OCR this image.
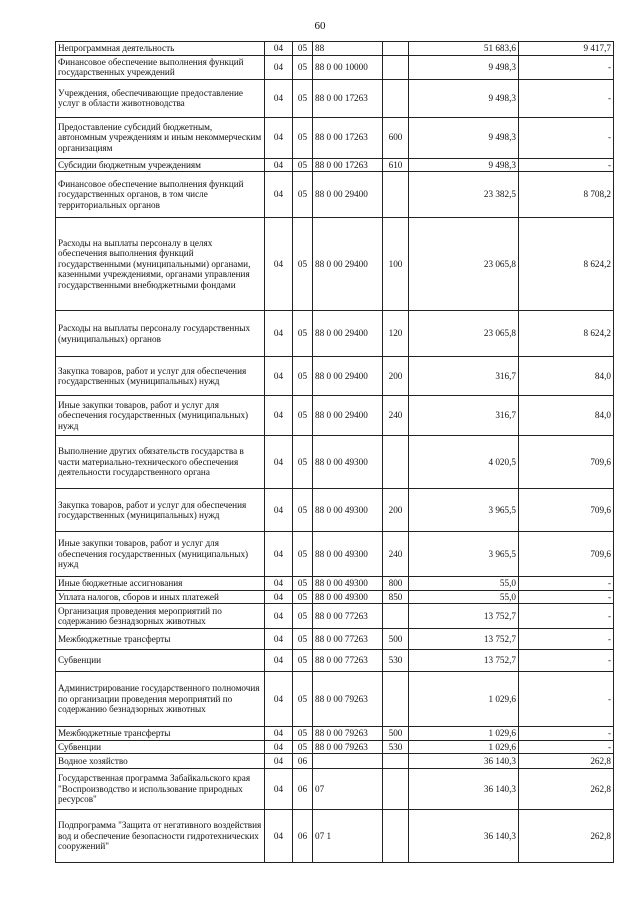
60
Непрограммная деятельность	04	05	88		51 683,6	9 417,7
Финансовое обеспечение выполнения функций государственных учреждений	04	05	88 0 00 10000		9 498,3	-
Учреждения, обеспечивающие предоставление услуг в области животноводства	04	05	88 0 00 17263		9 498,3	-
Предоставление субсидий бюджетным, автономным учреждениям и иным некоммерческим организациям	04	05	88 0 00 17263	600	9 498,3	-
Субсидии бюджетным учреждениям	04	05	88 0 00 17263	610	9 498,3	-
Финансовое обеспечение выполнения функций государственных органов, в том числе территориальных органов	04	05	88 0 00 29400		23 382,5	8 708,2
Расходы на выплаты персоналу в целях обеспечения выполнения функций государственными (муниципальными) органами, казенными учреждениями, органами управления государственными внебюджетными фондами	04	05	88 0 00 29400	100	23 065,8	8 624,2
Расходы на выплаты персоналу государственных (муниципальных) органов	04	05	88 0 00 29400	120	23 065,8	8 624,2
Закупка товаров, работ и услуг для обеспечения государственных (муниципальных) нужд	04	05	88 0 00 29400	200	316,7	84,0
Иные закупки товаров, работ и услуг для обеспечения государственных (муниципальных) нужд	04	05	88 0 00 29400	240	316,7	84,0
Выполнение других обязательств государства в части материально-технического обеспечения деятельности государственного органа	04	05	88 0 00 49300		4 020,5	709,6
Закупка товаров, работ и услуг для обеспечения государственных (муниципальных) нужд	04	05	88 0 00 49300	200	3 965,5	709,6
Иные закупки товаров, работ и услуг для обеспечения государственных (муниципальных) нужд	04	05	88 0 00 49300	240	3 965,5	709,6
Иные бюджетные ассигнования	04	05	88 0 00 49300	800	55,0	-
Уплата налогов, сборов и иных платежей	04	05	88 0 00 49300	850	55,0	-
Организация проведения мероприятий по содержанию безнадзорных животных	04	05	88 0 00 77263		13 752,7	-
Межбюджетные трансферты	04	05	88 0 00 77263	500	13 752,7	-
Субвенции	04	05	88 0 00 77263	530	13 752,7	-
Администрирование государственного полномочия по организации проведения мероприятий по содержанию безнадзорных животных	04	05	88 0 00 79263		1 029,6	-
Межбюджетные трансферты	04	05	88 0 00 79263	500	1 029,6	-
Субвенции	04	05	88 0 00 79263	530	1 029,6	-
Водное хозяйство	04	06			36 140,3	262,8
Государственная программа Забайкальского края "Воспроизводство и использование природных ресурсов"	04	06	07		36 140,3	262,8
Подпрограмма "Защита от негативного воздействия вод и обеспечение безопасности гидротехнических сооружений"	04	06	07 1		36 140,3	262,8
